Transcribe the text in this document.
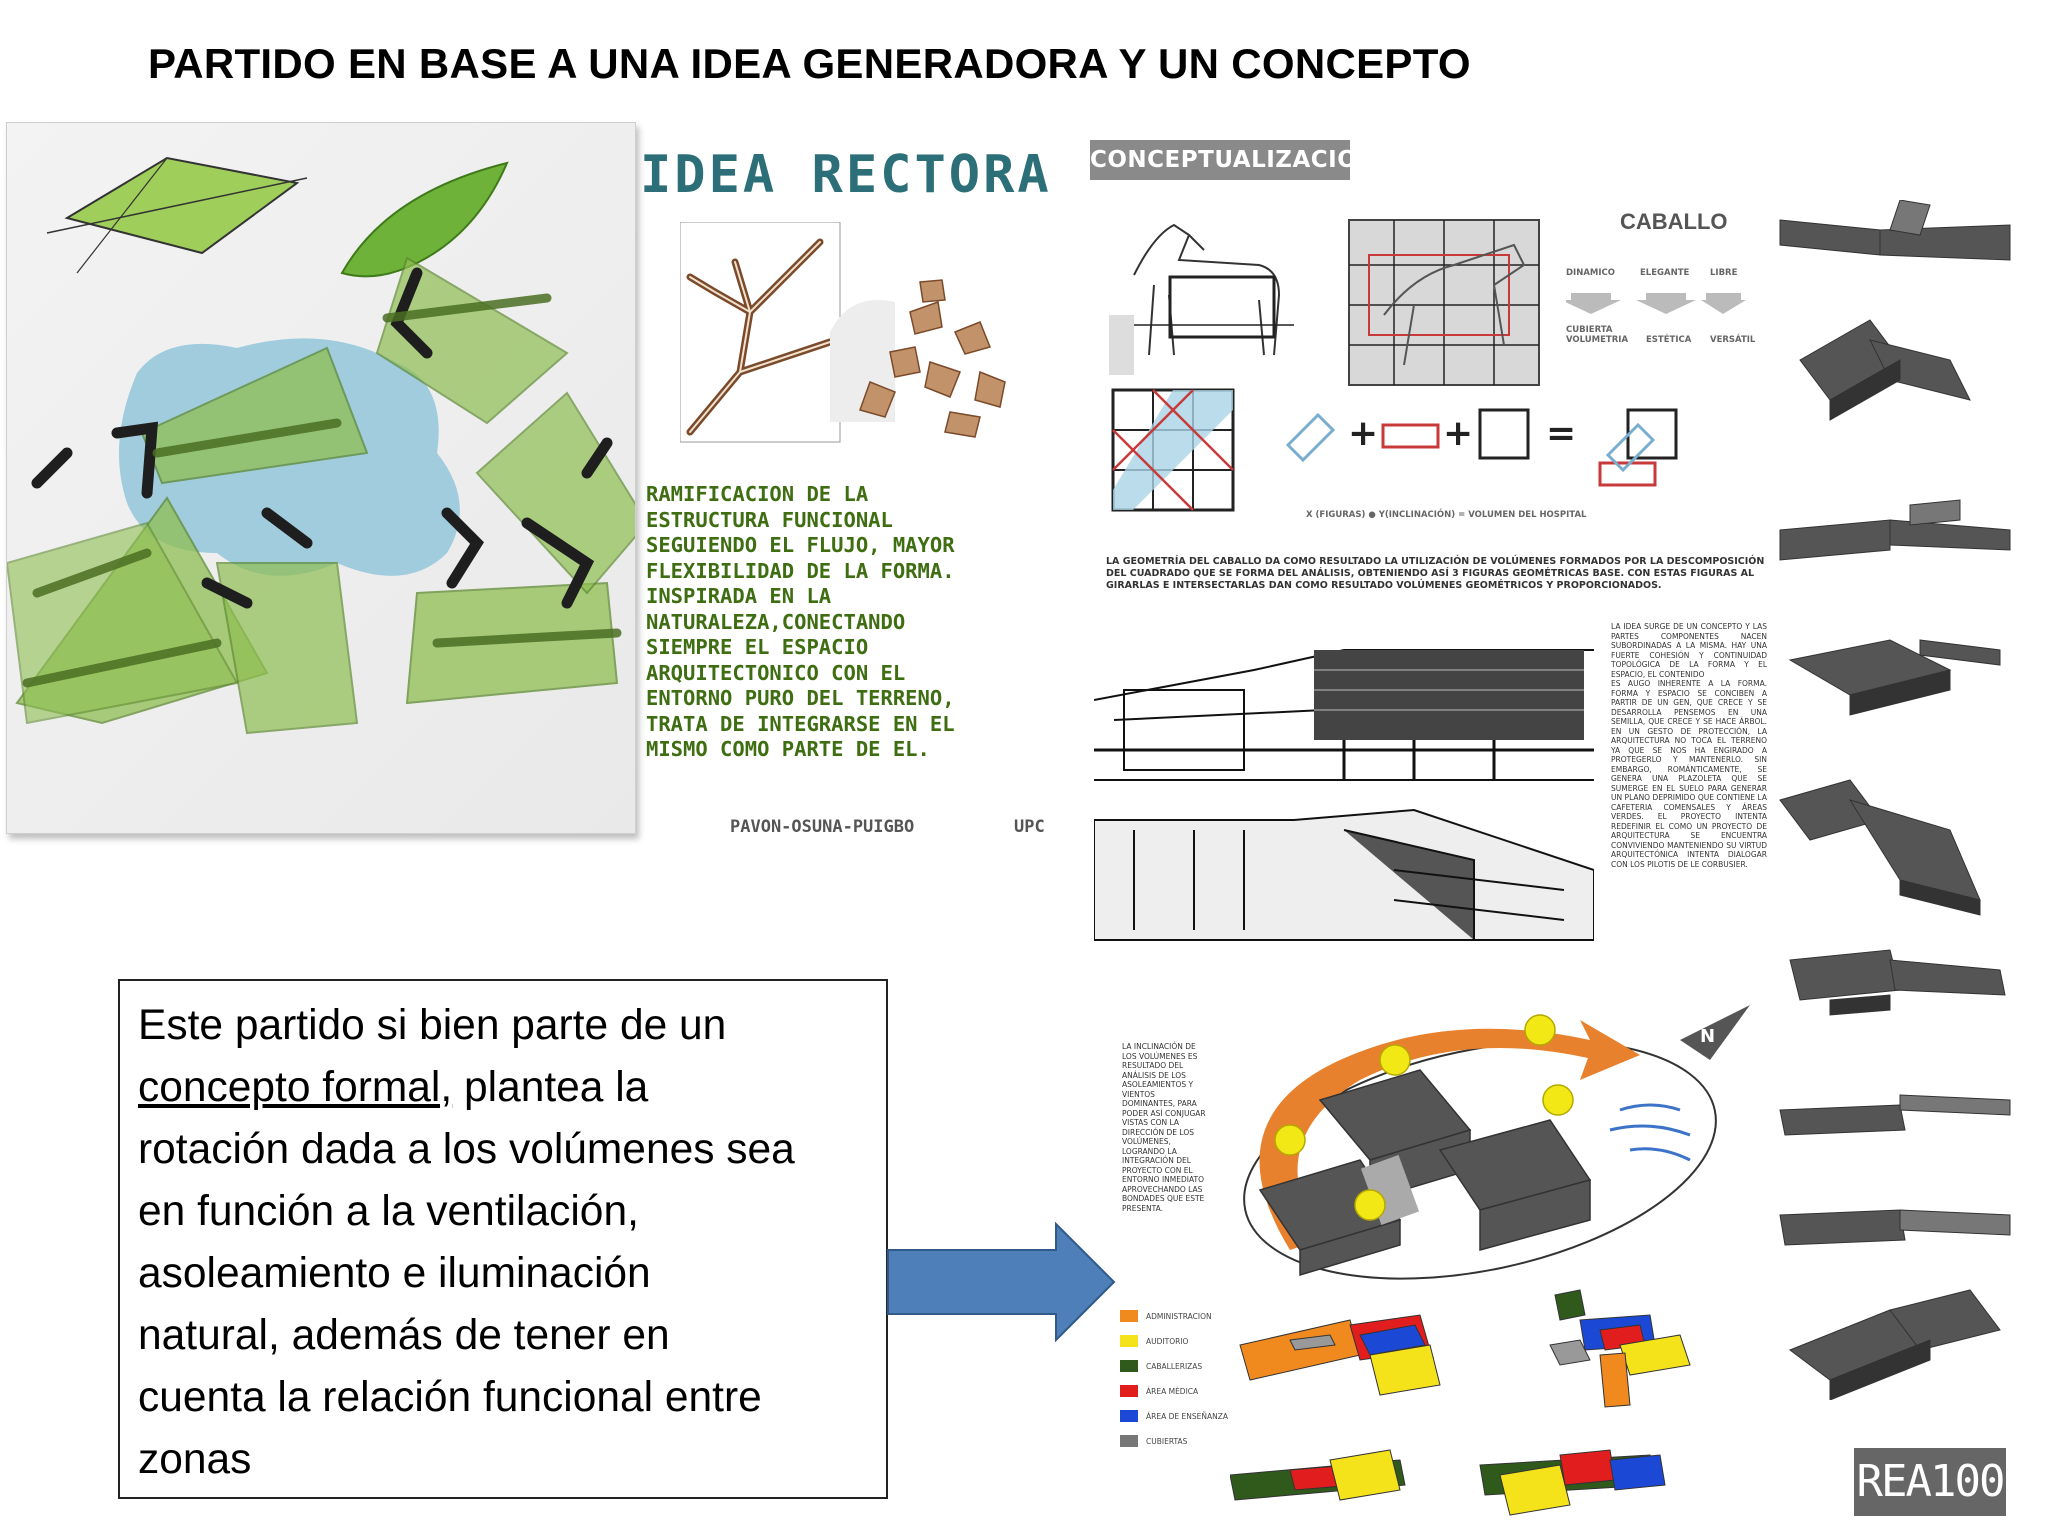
PARTIDO EN BASE A UNA IDEA GENERADORA Y UN CONCEPTO
IDEA RECTORA
RAMIFICACION DE LA
ESTRUCTURA FUNCIONAL
SEGUIENDO EL FLUJO, MAYOR
FLEXIBILIDAD DE LA FORMA.
INSPIRADA EN LA
NATURALEZA,CONECTANDO
SIEMPRE EL ESPACIO
ARQUITECTONICO CON EL
ENTORNO PURO DEL TERRENO,
TRATA DE INTEGRARSE EN EL
MISMO COMO PARTE DE EL.
PAVON-OSUNA-PUIGBO	UPC
CONCEPTUALIZACION
CABALLO
DINAMICO	ELEGANTE LIBRE
CUBIERTA
VOLUMETRIA ESTÉTICA VERSÁTIL
+ + =
X (FIGURAS) ● Y(INCLINACIÓN) = VOLUMEN DEL HOSPITAL
LA GEOMETRÍA DEL CABALLO DA COMO RESULTADO LA UTILIZACIÓN DE VOLÚMENES FORMADOS POR LA DESCOMPOSICIÓN DEL CUADRADO QUE SE FORMA DEL ANÁLISIS, OBTENIENDO ASÍ 3 FIGURAS GEOMÉTRICAS BASE. CON ESTAS FIGURAS AL GIRARLAS E INTERSECTARLAS DAN COMO RESULTADO VOLÚMENES GEOMÉTRICOS Y PROPORCIONADOS.
LA IDEA SURGE DE UN CONCEPTO Y LAS PARTES COMPONENTES NACEN SUBORDINADAS A LA MISMA. HAY UNA FUERTE COHESIÓN Y CONTINUIDAD TOPOLÓGICA DE LA FORMA Y EL ESPACIO, EL CONTENIDO
ES AUGO INHERENTE A LA FORMA. FORMA Y ESPACIO SE CONCIBEN A PARTIR DE UN GEN, QUE CRECE Y SE DESARROLLA PENSEMOS EN UNA SEMILLA, QUE CRECE Y SE HACE ÁRBOL. EN UN GESTO DE PROTECCIÓN, LA ARQUITECTURA NO TOCA EL TERRENO YA QUE SE NOS HA ENGIRADO A PROTEGERLO Y MANTENERLO. SIN EMBARGO, ROMÁNTICAMENTE, SE GENERA UNA PLAZOLETA QUE SE SUMERGE EN EL SUELO PARA GENERAR UN PLANO DEPRIMIDO QUE CONTIENE LA CAFETERIA COMENSALES Y ÁREAS VERDES. EL PROYECTO INTENTA REDEFINIR EL COMO UN PROYECTO DE ARQUITECTURA SE ENCUENTRA CONVIVIENDO MANTENIENDO SU VIRTUD ARQUITECTÓNICA INTENTA DIALOGAR CON LOS PILOTIS DE LE CORBUSIER.
LA INCLINACIÓN DE LOS VOLÚMENES ES RESULTADO DEL ANÁLISIS DE LOS ASOLEAMIENTOS Y VIENTOS DOMINANTES, PARA PODER ASÍ CONJUGAR VISTAS CON LA DIRECCIÓN DE LOS VOLÚMENES, LOGRANDO LA INTEGRACIÓN DEL PROYECTO CON EL ENTORNO INMEDIATO APROVECHANDO LAS BONDADES QUE ESTE PRESENTA.
N
ADMINISTRACION
AUDITORIO
CABALLERIZAS
ÁREA MÉDICA
ÁREA DE ENSEÑANZA
CUBIERTAS
Este partido si bien parte de un
concepto formal, plantea la
rotación dada a los volúmenes sea
en función a la ventilación,
asoleamiento e iluminación
natural, además de tener en
cuenta la relación funcional entre
zonas	REA100
